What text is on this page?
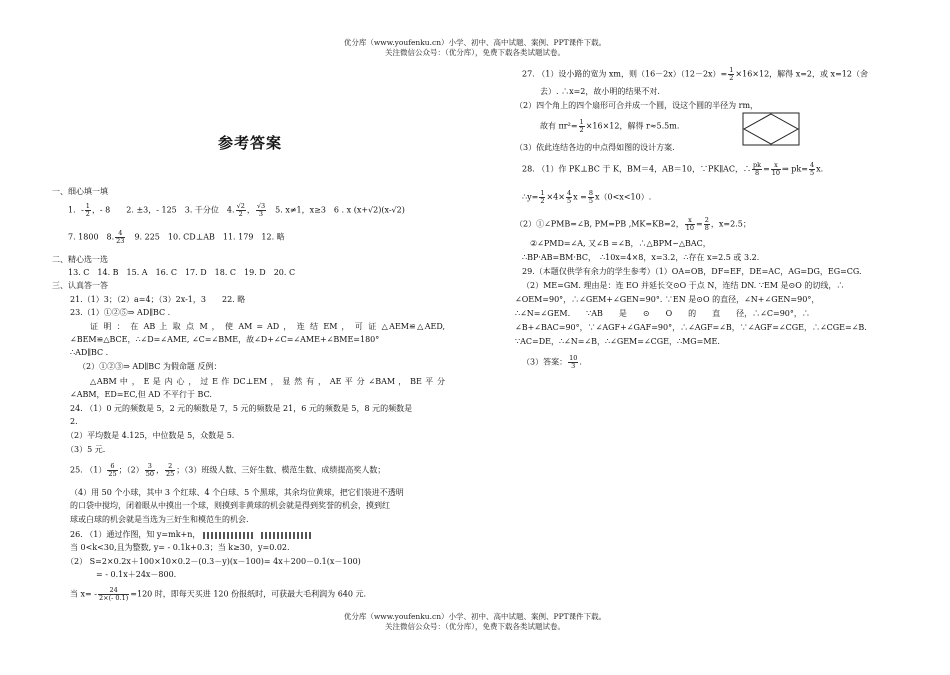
优分库（www.youfenku.cn）小学、初中、高中试题、案例、PPT课件下载。
关注微信公众号：（优分库），免费下载各类试题试卷。
参考答案
一、细心填一填
1．- $\frac{1}{2}$ ，- 8　　2. ±3，- 125　3. 千分位　4. $\frac{√2}{2}$ ， $\frac{√3}{3}$ 　5. x≠1，x≥3　6 . x (x+√2)(x-√2)
7. 1800　8. $\frac{4}{23}$ 　9. 225　10. CD⊥AB　11. 179　12. 略
二、精心选一选
13. C　14. B　15. A　16. C　17. D　18. C　19. D　20. C
三、认真答一答
21.（1）3；（2）a=4；（3）2x-1，3　　22. 略
23.（1）①②⑤⇒ AD∥BC .
证 明 ： 在 AB 上 取 点 M ， 使 AM = AD ， 连 结 EM ， 可 证 △AEM≌△AED,
∠BEM≌△BCE，∴∠D=∠AME, ∠C=∠BME，故∠D+∠C=∠AME+∠BME=180°
∴AD∥BC .
（2）①②③⇒ AD∥BC 为假命题 反例：
△ABM 中 ， E 是 内 心 ， 过 E 作 DC⊥EM ， 显 然 有 ， AE 平 分 ∠BAM ， BE 平 分
∠ABM，ED=EC,但 AD 不平行于 BC.
24. （1）0 元的频数是 5，2 元的频数是 7，5 元的频数是 21，6 元的频数是 5，8 元的频数是
2.
（2）平均数是 4.125，中位数是 5，众数是 5.
（3）5 元.
25. $(1) \frac{6}{25}$ ；$(2) \frac{3}{50}$ ， $\frac{2}{25}$ ；（3）班级人数、三好生数、模范生数、成绩提高奖人数；
（4）用 50 个小球，其中 3 个红球、4 个白球、5 个黑球，其余均位黄球，把它们装进不透明
的口袋中搅均，闭着眼从中摸出一个球，则摸到非黄球的机会就是得到奖誉的机会，摸到红
球或白球的机会就是当选为三好生和模范生的机会.
26. （1）通过作图，知 y=mk+n，
当 0<k<30,且为整数, y= - 0.1k+0.3；当 k≥30，y=0.02.
（2） S=2×0.2x＋100×10×0.2－(0.3－y)(x－100)= 4x＋200－0.1(x－100)
= - 0.1x＋24x－800.
当 $x= - \frac{24}{2\times(- 0.1)} =120$ 时，即每天买进 120 份报纸时，可获最大毛利润为 640 元.
27. （1）设小路的宽为 xm，则$(16-2x)(12-2x)= \frac{1}{2} \times 16\times 12$，解得 x=2，或 x=12（舍
去）. ∴x=2，故小明的结果不对.
（2）四个角上的四个扇形可合并成一个圆，设这个圆的半径为 rm，
故有 $\pi r^2= \frac{1}{2} \times 16\times 12$，解得 r≈5.5m.
（3）依此连结各边的中点得如图的设计方案.
28. （1）作 PK⊥BC 于 K，BM＝4，AB＝10，∵PK∥AC，∴ $\frac{pk}{8} = \frac{x}{10}$ ⇒ $pk= \frac{4}{5} x$.
∴y= $\frac{1}{2} \times 4\times \frac{4}{5}$ $x = \frac{8}{5} x(0<x<10)$.
（2）①∠PMB=∠B, PM=PB ,MK=KB=2， $\frac{x}{10} = \frac{2}{8}$ ，x=2.5；
②∠PMD=∠A, 又∠B =∠B，∴△BPM∽△BAC，
∴BP·AB=BM·BC，　∴10x=4×8，x=3.2，∴存在 x=2.5 或 3.2.
29.（本题仅供学有余力的学生参考）（1）OA=OB，DF=EF，DE=AC，AG=DG，EG=CG.
（2）ME=GM. 理由是：连 EO 并延长交⊙O 于点 N，连结 DN. ∵EM 是⊙O 的切线，∴
∠OEM=90°，∴∠GEM+∠GEN=90°. ∵EN 是⊙O 的直径，∠N+∠GEN=90°，
∴∠N=∠GEM.　　∵AB　　是　　⊙　　O　　的　　直　　径，∴∠C=90°，∴
∠B+∠BAC=90°，∵∠AGF+∠GAF=90°，∴∠AGF=∠B，∵∠AGF=∠CGE，∴∠CGE=∠B.
∵AC=DE，∴∠N=∠B，∴∠GEM=∠CGE，∴MG=ME.
（3）答案： $\frac{10}{3}$ .
优分库（www.youfenku.cn）小学、初中、高中试题、案例、PPT课件下载。
关注微信公众号：（优分库），免费下载各类试题试卷。
